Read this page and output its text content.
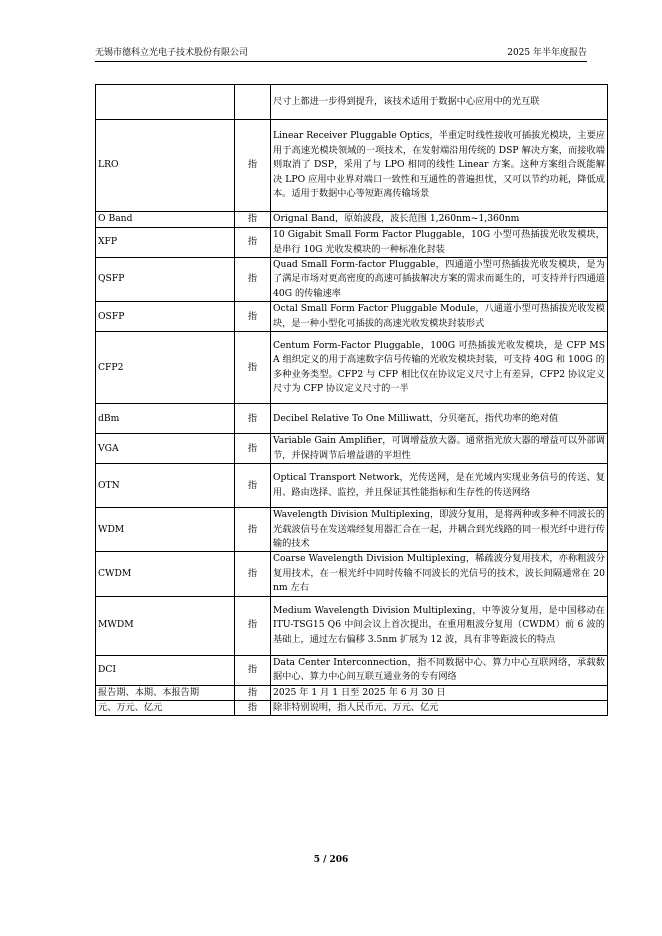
无锡市德科立光电子技术股份有限公司	2025 年半年度报告
		尺寸上都进一步得到提升，该技术适用于数据中心应用中的光互联
LRO	指	Linear Receiver Pluggable Optics，半重定时线性接收可插拔光模块，主要应用于高速光模块领域的一项技术，在发射端沿用传统的 DSP 解决方案，而接收端则取消了 DSP，采用了与 LPO 相同的线性 Linear 方案。这种方案组合既能解决 LPO 应用中业界对端口一致性和互通性的普遍担忧，又可以节约功耗，降低成本。适用于数据中心等短距离传输场景
O Band	指	Orignal Band，原始波段，波长范围 1,260nm~1,360nm
XFP	指	10 Gigabit Small Form Factor Pluggable，10G 小型可热插拔光收发模块，是串行 10G 光收发模块的一种标准化封装
QSFP	指	Quad Small Form-factor Pluggable，四通道小型可热插拔光收发模块，是为了满足市场对更高密度的高速可插拔解决方案的需求而诞生的，可支持并行四通道 40G 的传输速率
OSFP	指	Octal Small Form Factor Pluggable Module，八通道小型可热插拔光收发模块，是一种小型化可插拔的高速光收发模块封装形式
CFP2	指	Centum Form-Factor Pluggable，100G 可热插拔光收发模块，是 CFP MSA 组织定义的用于高速数字信号传输的光收发模块封装，可支持 40G 和 100G 的多种业务类型。CFP2 与 CFP 相比仅在协议定义尺寸上有差异，CFP2 协议定义尺寸为 CFP 协议定义尺寸的一半
dBm	指	Decibel Relative To One Milliwatt，分贝毫瓦，指代功率的绝对值
VGA	指	Variable Gain Amplifier，可调增益放大器。通常指光放大器的增益可以外部调节，并保持调节后增益谱的平坦性
OTN	指	Optical Transport Network，光传送网，是在光域内实现业务信号的传送、复用、路由选择、监控，并且保证其性能指标和生存性的传送网络
WDM	指	Wavelength Division Multiplexing，即波分复用，是将两种或多种不同波长的光载波信号在发送端经复用器汇合在一起，并耦合到光线路的同一根光纤中进行传输的技术
CWDM	指	Coarse Wavelength Division Multiplexing，稀疏波分复用技术，亦称粗波分复用技术，在一根光纤中同时传输不同波长的光信号的技术，波长间隔通常在 20nm 左右
MWDM	指	Medium Wavelength Division Multiplexing，中等波分复用，是中国移动在 ITU-TSG15 Q6 中间会议上首次提出，在重用粗波分复用（CWDM）前 6 波的基础上，通过左右偏移 3.5nm 扩展为 12 波，具有非等距波长的特点
DCI	指	Data Center Interconnection，指不同数据中心、算力中心互联网络，承载数据中心、算力中心间互联互通业务的专有网络
报告期、本期、本报告期	指	2025 年 1 月 1 日至 2025 年 6 月 30 日
元、万元、亿元	指	除非特别说明，指人民币元、万元、亿元
5 / 206
